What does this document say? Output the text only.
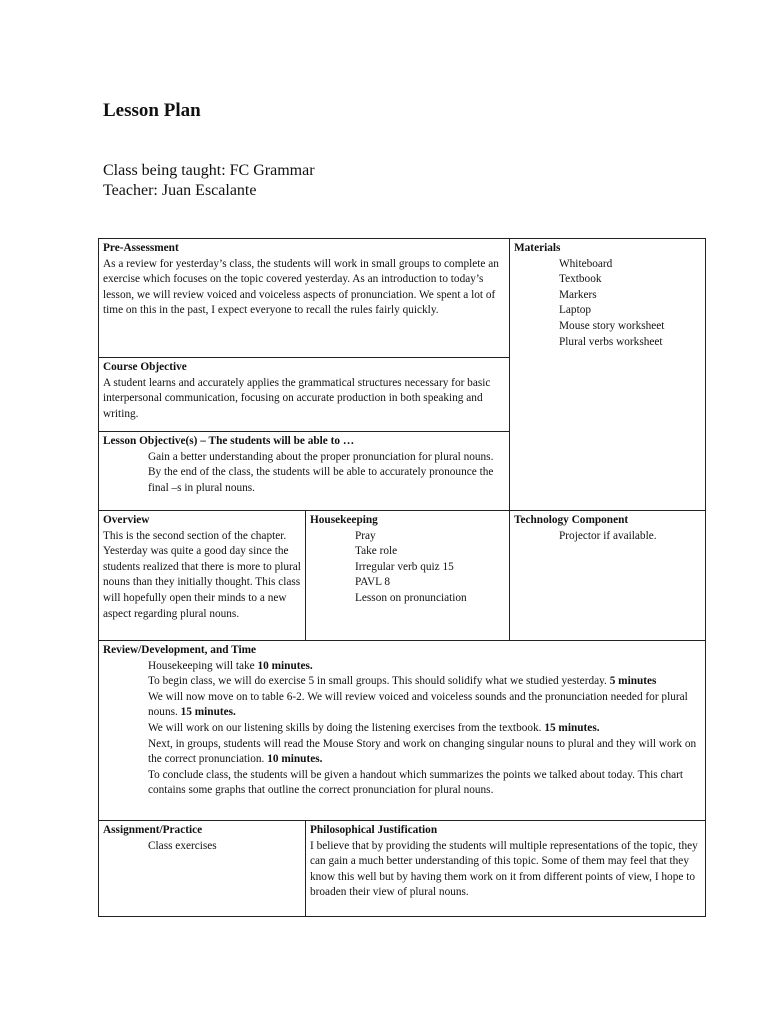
Lesson Plan
Class being taught: FC Grammar
Teacher: Juan Escalante

Pre-Assessment

As a review for yesterday’s class, the students will work in small groups to complete an exercise which focuses on the topic covered yesterday. As an introduction to today’s lesson, we will review voiced and voiceless aspects of pronunciation. We spent a lot of time on this in the past, I expect everyone to recall the rules fairly quickly.

Materials

Whiteboard
Textbook
Markers
Laptop
Mouse story worksheet
Plural verbs worksheet

Course Objective

A student learns and accurately applies the grammatical structures necessary for basic interpersonal communication, focusing on accurate production in both speaking and writing.

Lesson Objective(s) – The students will be able to …

Gain a better understanding about the proper pronunciation for plural nouns. By the end of the class, the students will be able to accurately pronounce the final –s in plural nouns.

Overview

This is the second section of the chapter. Yesterday was quite a good day since the students realized that there is more to plural nouns than they initially thought. This class will hopefully open their minds to a new aspect regarding plural nouns.

Housekeeping

Pray
Take role
Irregular verb quiz 15
PAVL 8
Lesson on pronunciation

Technology Component

Projector if available.

Review/Development, and Time

Housekeeping will take 10 minutes.

To begin class, we will do exercise 5 in small groups. This should solidify what we studied yesterday. 5 minutes

We will now move on to table 6-2. We will review voiced and voiceless sounds and the pronunciation needed for plural nouns. 15 minutes.

We will work on our listening skills by doing the listening exercises from the textbook. 15 minutes.

Next, in groups, students will read the Mouse Story and work on changing singular nouns to plural and they will work on the correct pronunciation. 10 minutes.

To conclude class, the students will be given a handout which summarizes the points we talked about today. This chart contains some graphs that outline the correct pronunciation for plural nouns.

Assignment/Practice

Class exercises

Philosophical Justification

I believe that by providing the students will multiple representations of the topic, they can gain a much better understanding of this topic. Some of them may feel that they know this well but by having them work on it from different points of view, I hope to broaden their view of plural nouns.
